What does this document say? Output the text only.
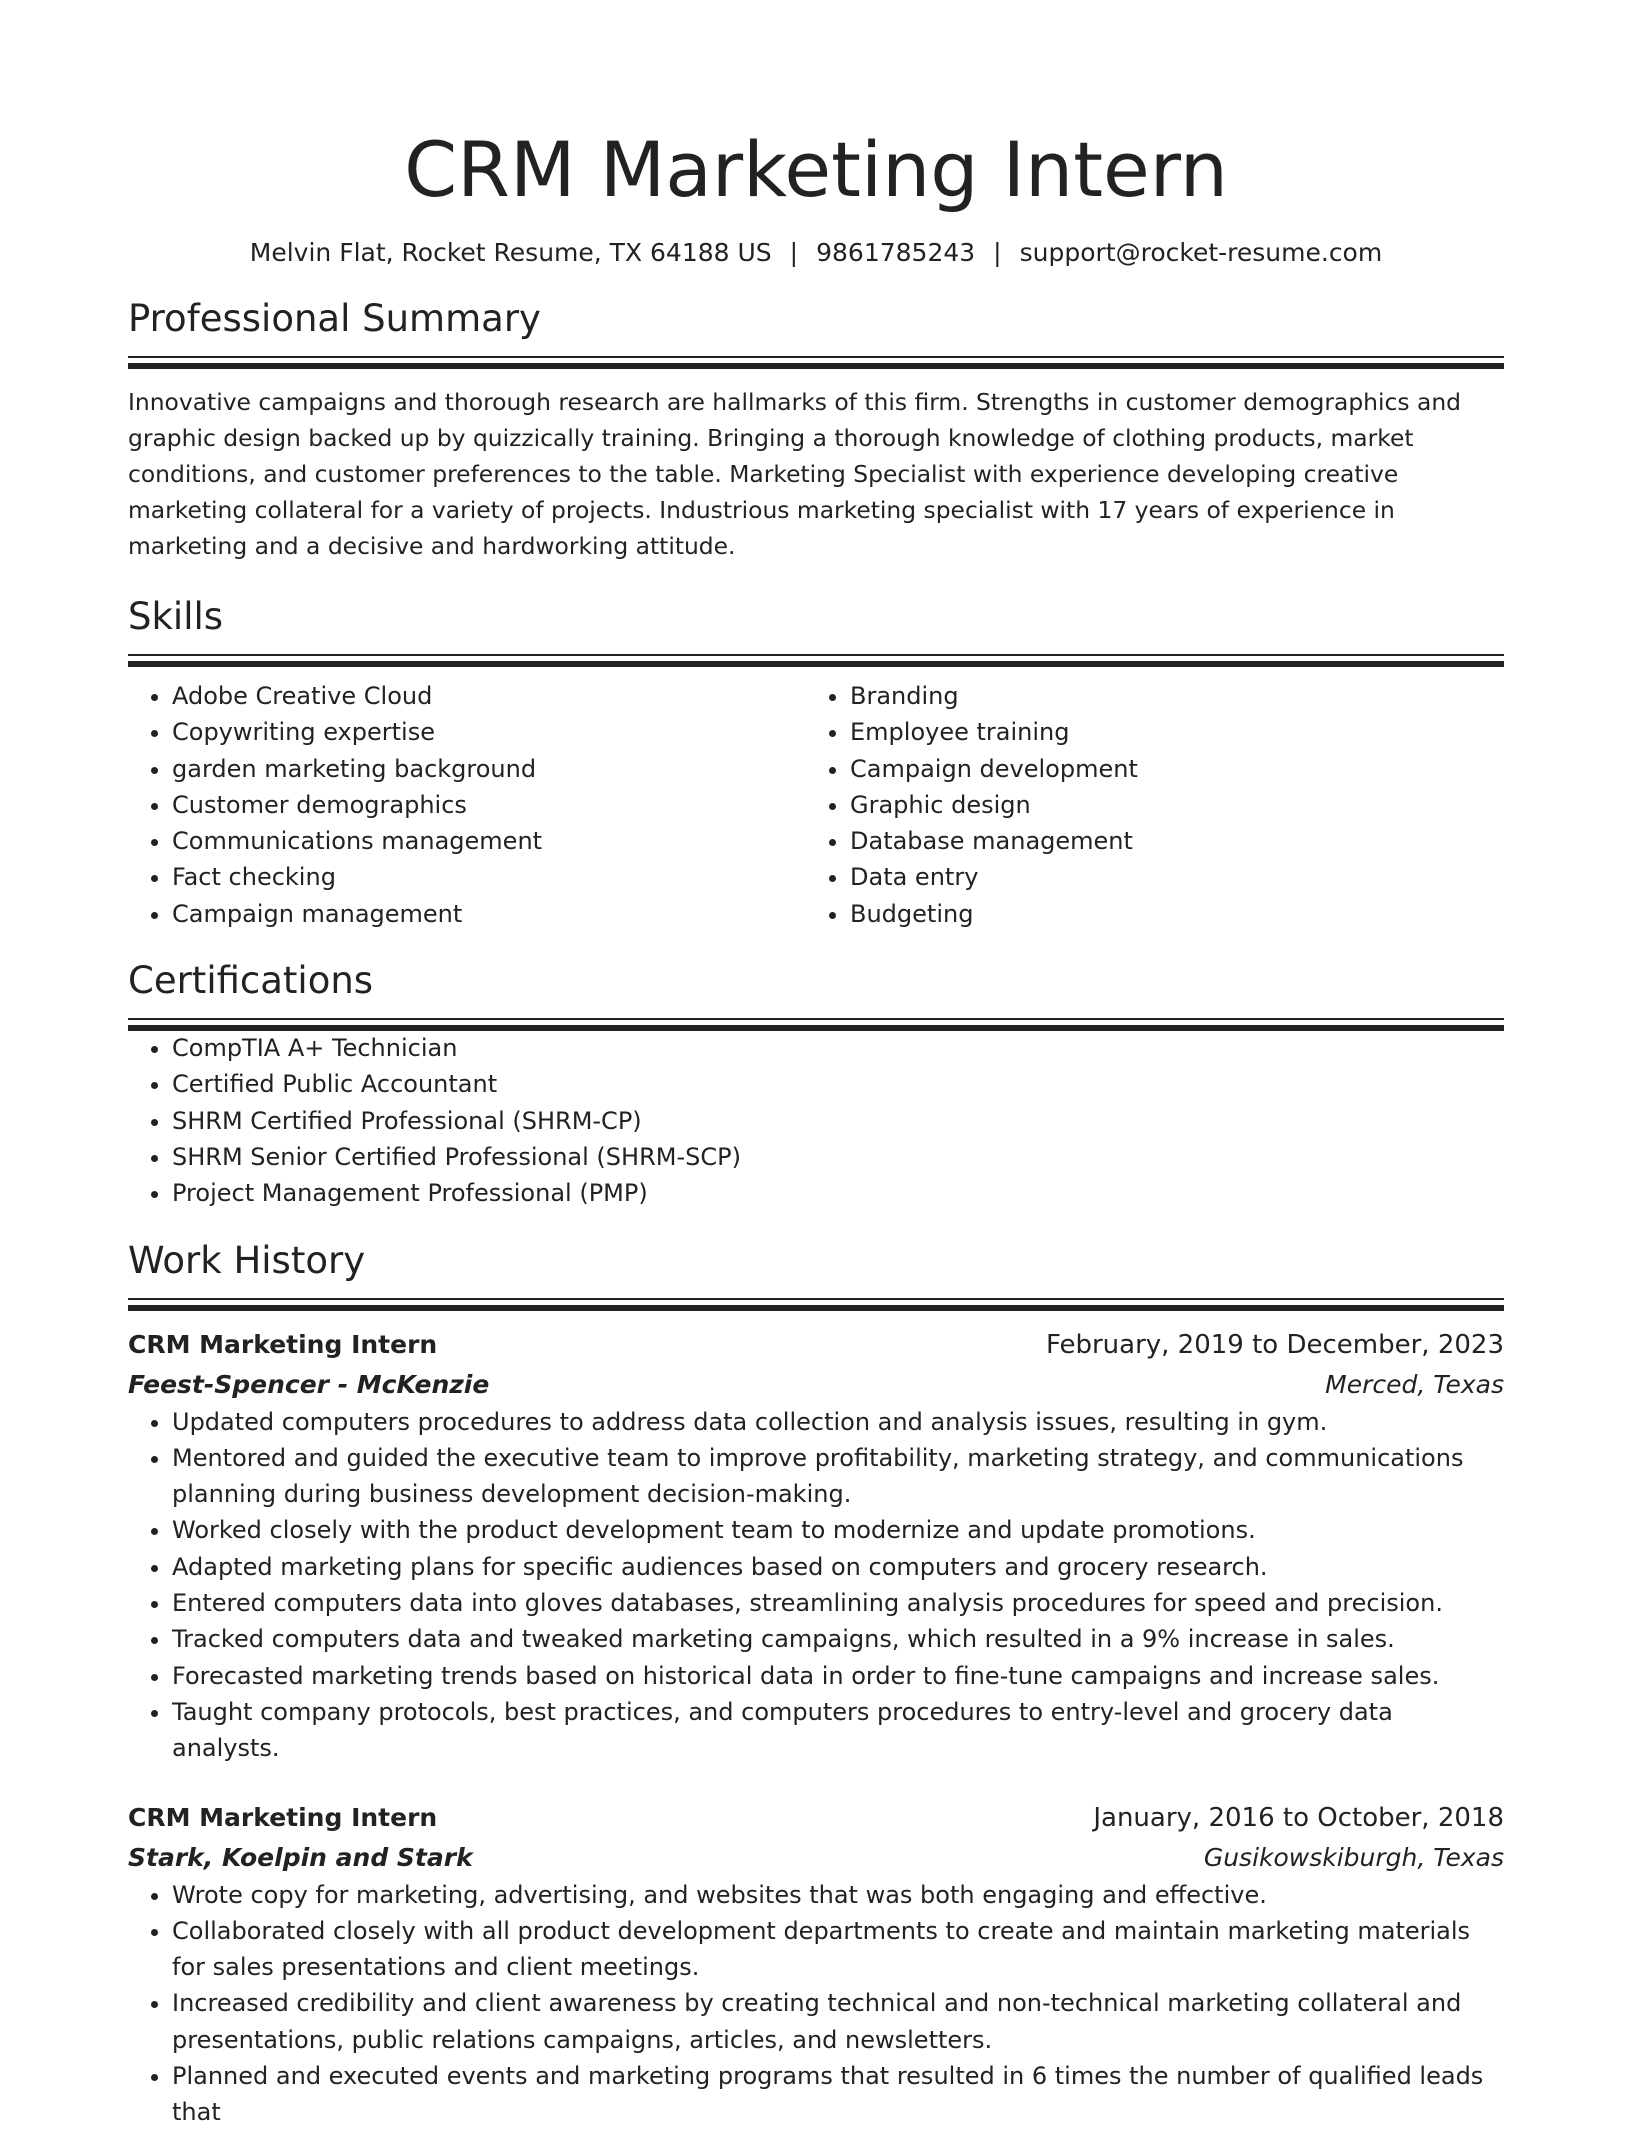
CRM Marketing Intern
Melvin Flat, Rocket Resume, TX 64188 US | 9861785243 | support@rocket-resume.com
Professional Summary
Innovative campaigns and thorough research are hallmarks of this firm. Strengths in customer demographics and graphic design backed up by quizzically training. Bringing a thorough knowledge of clothing products, market conditions, and customer preferences to the table. Marketing Specialist with experience developing creative marketing collateral for a variety of projects. Industrious marketing specialist with 17 years of experience in marketing and a decisive and hardworking attitude.
Skills
• Adobe Creative Cloud
• Copywriting expertise
• garden marketing background
• Customer demographics
• Communications management
• Fact checking
• Campaign management
• Branding
• Employee training
• Campaign development
• Graphic design
• Database management
• Data entry
• Budgeting
Certifications
• CompTIA A+ Technician
• Certified Public Accountant
• SHRM Certified Professional (SHRM-CP)
• SHRM Senior Certified Professional (SHRM-SCP)
• Project Management Professional (PMP)
Work History
CRM Marketing Intern	February, 2019 to December, 2023
Feest-Spencer - McKenzie	Merced, Texas
• Updated computers procedures to address data collection and analysis issues, resulting in gym.
• Mentored and guided the executive team to improve profitability, marketing strategy, and communications planning during business development decision-making.
• Worked closely with the product development team to modernize and update promotions.
• Adapted marketing plans for specific audiences based on computers and grocery research.
• Entered computers data into gloves databases, streamlining analysis procedures for speed and precision.
• Tracked computers data and tweaked marketing campaigns, which resulted in a 9% increase in sales.
• Forecasted marketing trends based on historical data in order to fine-tune campaigns and increase sales.
• Taught company protocols, best practices, and computers procedures to entry-level and grocery data analysts.
CRM Marketing Intern	January, 2016 to October, 2018
Stark, Koelpin and Stark	Gusikowskiburgh, Texas
• Wrote copy for marketing, advertising, and websites that was both engaging and effective.
• Collaborated closely with all product development departments to create and maintain marketing materials for sales presentations and client meetings.
• Increased credibility and client awareness by creating technical and non-technical marketing collateral and presentations, public relations campaigns, articles, and newsletters.
• Planned and executed events and marketing programs that resulted in 6 times the number of qualified leads that
